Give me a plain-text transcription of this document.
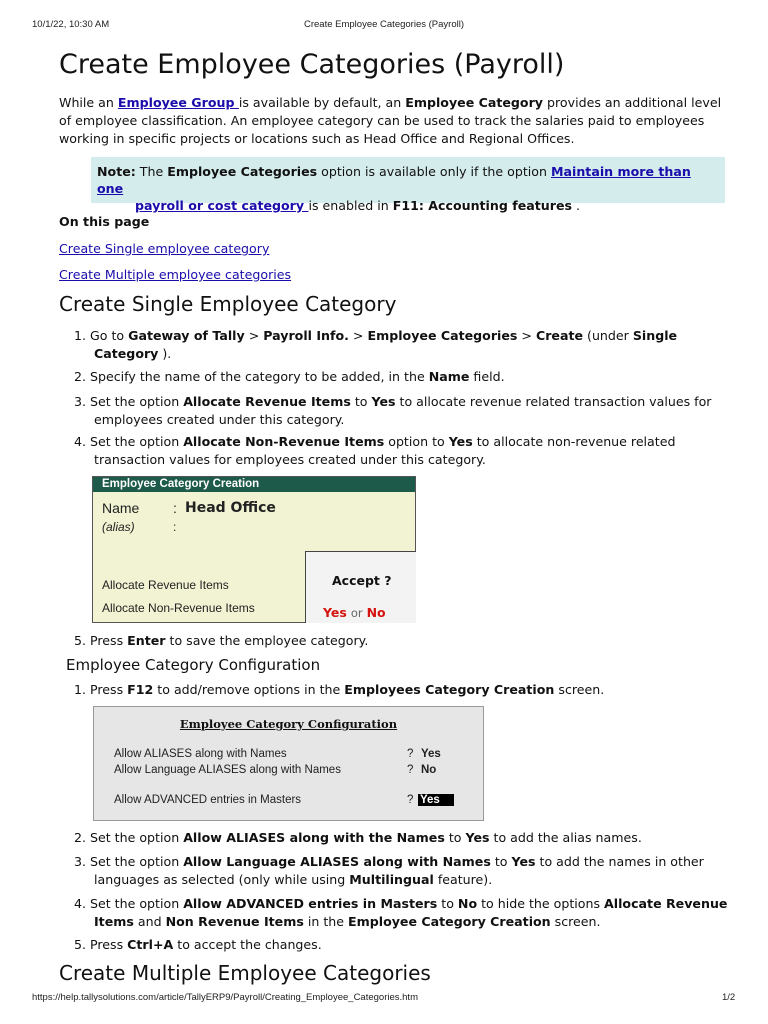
10/1/22, 10:30 AM	Create Employee Categories (Payroll)
Create Employee Categories (Payroll)
While an Employee Group is available by default, an Employee Category provides an additional level
of employee classification. An employee category can be used to track the salaries paid to employees
working in specific projects or locations such as Head Office and Regional Offices.
Note: The Employee Categories option is available only if the option Maintain more than one
payroll or cost category is enabled in F11: Accounting features .
On this page
Create Single employee category
Create Multiple employee categories
Create Single Employee Category
1. Go to Gateway of Tally > Payroll Info. > Employee Categories > Create (under Single
Category ).
2. Specify the name of the category to be added, in the Name field.
3. Set the option Allocate Revenue Items to Yes to allocate revenue related transaction values for
employees created under this category.
4. Set the option Allocate Non-Revenue Items option to Yes to allocate non-revenue related
transaction values for employees created under this category.
Employee Category Creation
Name : Head Office
(alias)	:
Allocate Revenue Items
Allocate Non-Revenue Items
Accept ?
Yes or No
5. Press Enter to save the employee category.
Employee Category Configuration
1. Press F12 to add/remove options in the Employees Category Creation screen.
Employee Category Configuration
Allow ALIASES along with Names	? Yes
Allow Language ALIASES along with Names	? No
Allow ADVANCED entries in Masters	? Yes
2. Set the option Allow ALIASES along with the Names to Yes to add the alias names.
3. Set the option Allow Language ALIASES along with Names to Yes to add the names in other
languages as selected (only while using Multilingual feature).
4. Set the option Allow ADVANCED entries in Masters to No to hide the options Allocate Revenue
Items and Non Revenue Items in the Employee Category Creation screen.
5. Press Ctrl+A to accept the changes.
Create Multiple Employee Categories
https://help.tallysolutions.com/article/TallyERP9/Payroll/Creating_Employee_Categories.htm	1/2
